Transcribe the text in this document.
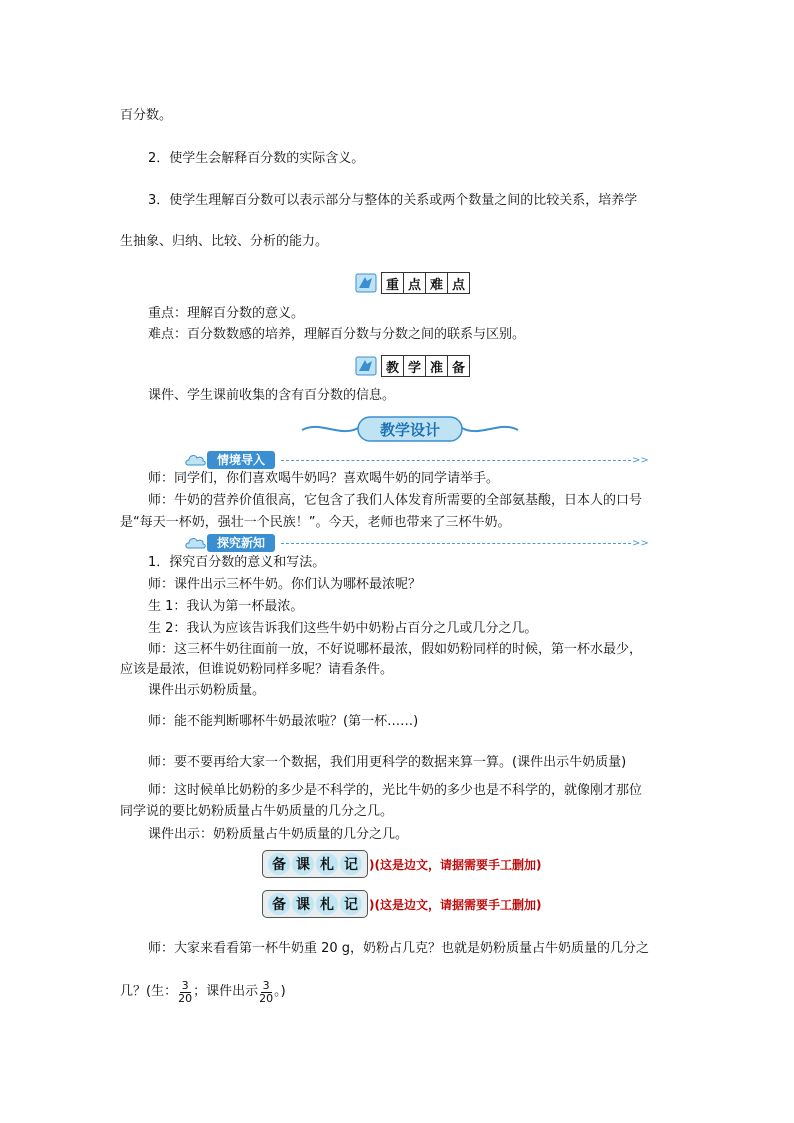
百分数。
2．使学生会解释百分数的实际含义。
3．使学生理解百分数可以表示部分与整体的关系或两个数量之间的比较关系，培养学
生抽象、归纳、比较、分析的能力。
重 点 难 点
重点：理解百分数的意义。
难点：百分数数感的培养，理解百分数与分数之间的联系与区别。
教 学 准 备
课件、学生课前收集的含有百分数的信息。
教学设计
情境导入	>>
师：同学们，你们喜欢喝牛奶吗？喜欢喝牛奶的同学请举手。
师：牛奶的营养价值很高，它包含了我们人体发育所需要的全部氨基酸，日本人的口号
是“每天一杯奶，强壮一个民族！”。今天，老师也带来了三杯牛奶。
探究新知	>>
1．探究百分数的意义和写法。
师：课件出示三杯牛奶。你们认为哪杯最浓呢？
生 1：我认为第一杯最浓。
生 2：我认为应该告诉我们这些牛奶中奶粉占百分之几或几分之几。
师：这三杯牛奶往面前一放，不好说哪杯最浓，假如奶粉同样的时候，第一杯水最少，
应该是最浓，但谁说奶粉同样多呢？请看条件。
课件出示奶粉质量。
师：能不能判断哪杯牛奶最浓啦？(第一杯……)
师：要不要再给大家一个数据，我们用更科学的数据来算一算。(课件出示牛奶质量)
师：这时候单比奶粉的多少是不科学的，光比牛奶的多少也是不科学的，就像刚才那位
同学说的要比奶粉质量占牛奶质量的几分之几。
课件出示：奶粉质量占牛奶质量的几分之几。
备 课 札 记 )(这是边文，请据需要手工删加)
备 课 札 记 )(这是边文，请据需要手工删加)
师：大家来看看第一杯牛奶重 20 g，奶粉占几克？也就是奶粉质量占牛奶质量的几分之
几？(生： $\frac{3}{20}$ ；课件出示 $\frac{3}{20}$ 。)
